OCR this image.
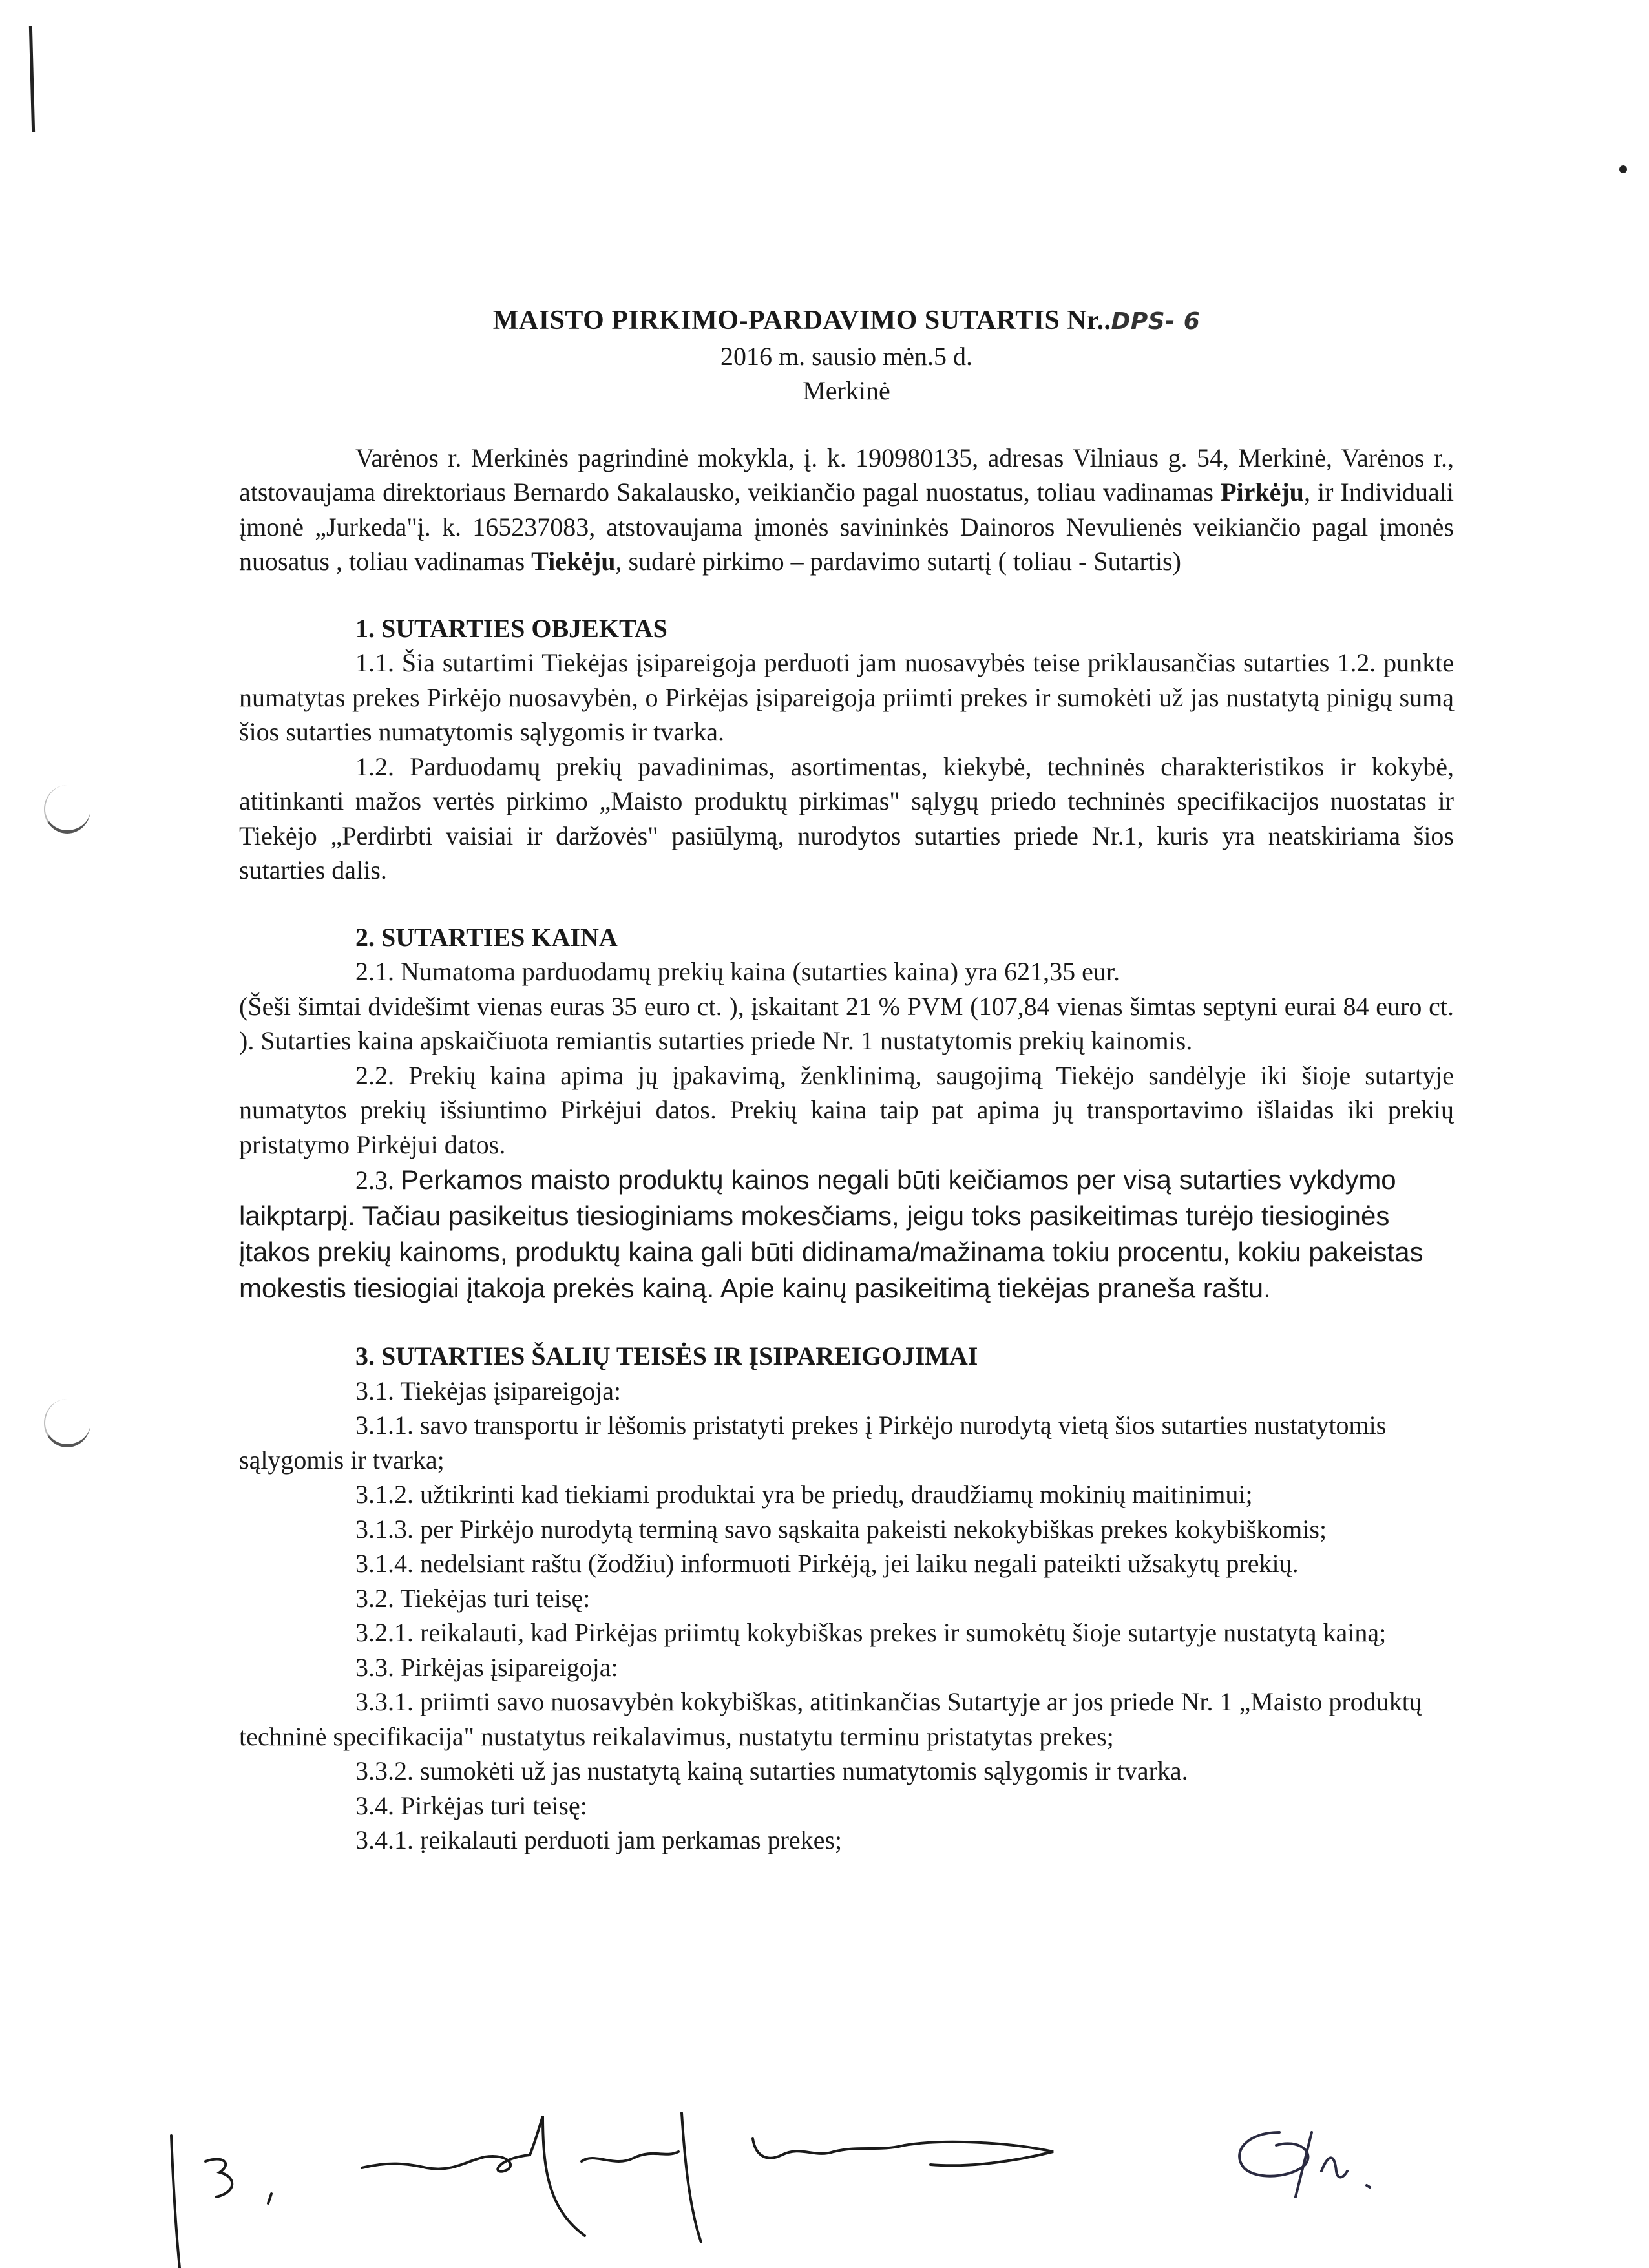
MAISTO PIRKIMO-PARDAVIMO SUTARTIS Nr..DPS- 6

2016 m. sausio mėn.5 d.

Merkinė

Varėnos r. Merkinės pagrindinė mokykla, į. k. 190980135, adresas Vilniaus g. 54, Merkinė, Varėnos r., atstovaujama direktoriaus Bernardo Sakalausko, veikiančio pagal nuostatus, toliau vadinamas Pirkėju, ir Individuali įmonė „Jurkeda"į. k. 165237083, atstovaujama įmonės savininkės Dainoros Nevulienės veikiančio pagal įmonės nuosatus , toliau vadinamas Tiekėju, sudarė pirkimo – pardavimo sutartį ( toliau - Sutartis)

1. SUTARTIES OBJEKTAS

1.1. Šia sutartimi Tiekėjas įsipareigoja perduoti jam nuosavybės teise priklausančias sutarties 1.2. punkte numatytas prekes Pirkėjo nuosavybėn, o Pirkėjas įsipareigoja priimti prekes ir sumokėti už jas nustatytą pinigų sumą šios sutarties numatytomis sąlygomis ir tvarka.

1.2. Parduodamų prekių pavadinimas, asortimentas, kiekybė, techninės charakteristikos ir kokybė, atitinkanti mažos vertės pirkimo „Maisto produktų pirkimas" sąlygų priedo techninės specifikacijos nuostatas ir Tiekėjo „Perdirbti vaisiai ir daržovės" pasiūlymą, nurodytos sutarties priede Nr.1, kuris yra neatskiriama šios sutarties dalis.

2. SUTARTIES KAINA

2.1. Numatoma parduodamų prekių kaina (sutarties kaina) yra 621,35 eur.

(Šeši šimtai dvidešimt vienas euras 35 euro ct. ), įskaitant 21 % PVM (107,84 vienas šimtas septyni eurai 84 euro ct. ). Sutarties kaina apskaičiuota remiantis sutarties priede Nr. 1 nustatytomis prekių kainomis.

2.2. Prekių kaina apima jų įpakavimą, ženklinimą, saugojimą Tiekėjo sandėlyje iki šioje sutartyje numatytos prekių išsiuntimo Pirkėjui datos. Prekių kaina taip pat apima jų transportavimo išlaidas iki prekių pristatymo Pirkėjui datos.

2.3. Perkamos maisto produktų kainos negali būti keičiamos per visą sutarties vykdymo laikptarpį. Tačiau pasikeitus tiesioginiams mokesčiams, jeigu toks pasikeitimas turėjo tiesioginės įtakos prekių kainoms, produktų kaina gali būti didinama/mažinama tokiu procentu, kokiu pakeistas mokestis tiesiogiai įtakoja prekės kainą. Apie kainų pasikeitimą tiekėjas praneša raštu.

3. SUTARTIES ŠALIŲ TEISĖS IR ĮSIPAREIGOJIMAI

3.1. Tiekėjas įsipareigoja:

3.1.1. savo transportu ir lėšomis pristatyti prekes į Pirkėjo nurodytą vietą šios sutarties nustatytomis sąlygomis ir tvarka;

3.1.2. užtikrinti kad tiekiami produktai yra be priedų, draudžiamų mokinių maitinimui;

3.1.3. per Pirkėjo nurodytą terminą savo sąskaita pakeisti nekokybiškas prekes kokybiškomis;

3.1.4. nedelsiant raštu (žodžiu) informuoti Pirkėją, jei laiku negali pateikti užsakytų prekių.

3.2. Tiekėjas turi teisę:

3.2.1. reikalauti, kad Pirkėjas priimtų kokybiškas prekes ir sumokėtų šioje sutartyje nustatytą kainą;

3.3. Pirkėjas įsipareigoja:

3.3.1. priimti savo nuosavybėn kokybiškas, atitinkančias Sutartyje ar jos priede Nr. 1 „Maisto produktų techninė specifikacija" nustatytus reikalavimus, nustatytu terminu pristatytas prekes;

3.3.2. sumokėti už jas nustatytą kainą sutarties numatytomis sąlygomis ir tvarka.

3.4. Pirkėjas turi teisę:

3.4.1. ṛeikalauti perduoti jam perkamas prekes;
